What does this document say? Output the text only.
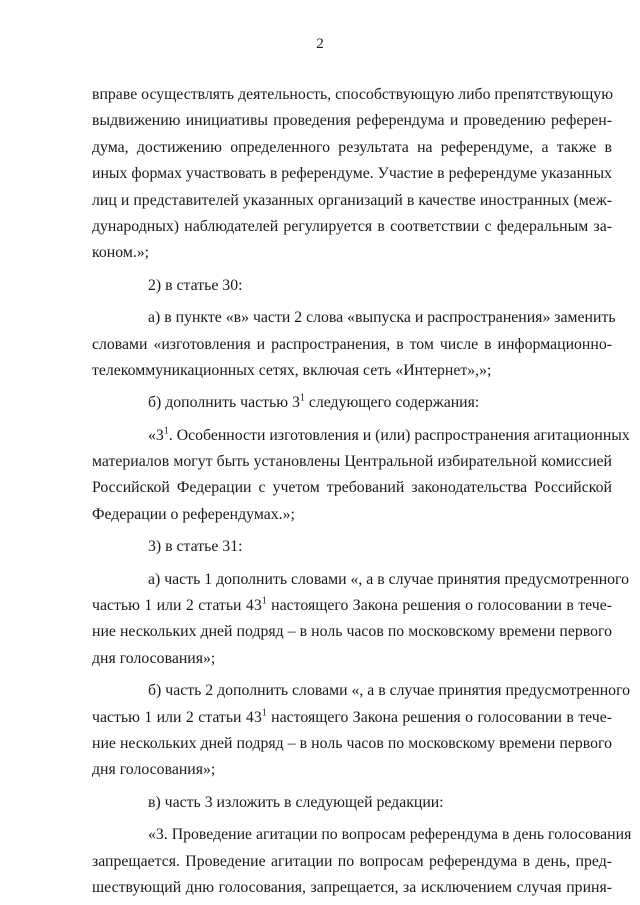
2
вправе осуществлять деятельность, способствующую либо препятствующую
выдвижению инициативы проведения референдума и проведению референ-
дума, достижению определенного результата на референдуме, а также в
иных формах участвовать в референдуме. Участие в референдуме указанных
лиц и представителей указанных организаций в качестве иностранных (меж-
дународных) наблюдателей регулируется в соответствии с федеральным за-
коном.»;
2) в статье 30:
а) в пункте «в» части 2 слова «выпуска и распространения» заменить
словами «изготовления и распространения, в том числе в информационно-
телекоммуникационных сетях, включая сеть «Интернет»,»;
б) дополнить частью $3^1$ следующего содержания:
«$3^1$. Особенности изготовления и (или) распространения агитационных
материалов могут быть установлены Центральной избирательной комиссией
Российской Федерации с учетом требований законодательства Российской
Федерации о референдумах.»;
3) в статье 31:
а) часть 1 дополнить словами «, а в случае принятия предусмотренного
частью 1 или 2 статьи $43^1$ настоящего Закона решения о голосовании в тече-
ние нескольких дней подряд – в ноль часов по московскому времени первого
дня голосования»;
б) часть 2 дополнить словами «, а в случае принятия предусмотренного
частью 1 или 2 статьи $43^1$ настоящего Закона решения о голосовании в тече-
ние нескольких дней подряд – в ноль часов по московскому времени первого
дня голосования»;
в) часть 3 изложить в следующей редакции:
«3. Проведение агитации по вопросам референдума в день голосования
запрещается. Проведение агитации по вопросам референдума в день, пред-
шествующий дню голосования, запрещается, за исключением случая приня-
